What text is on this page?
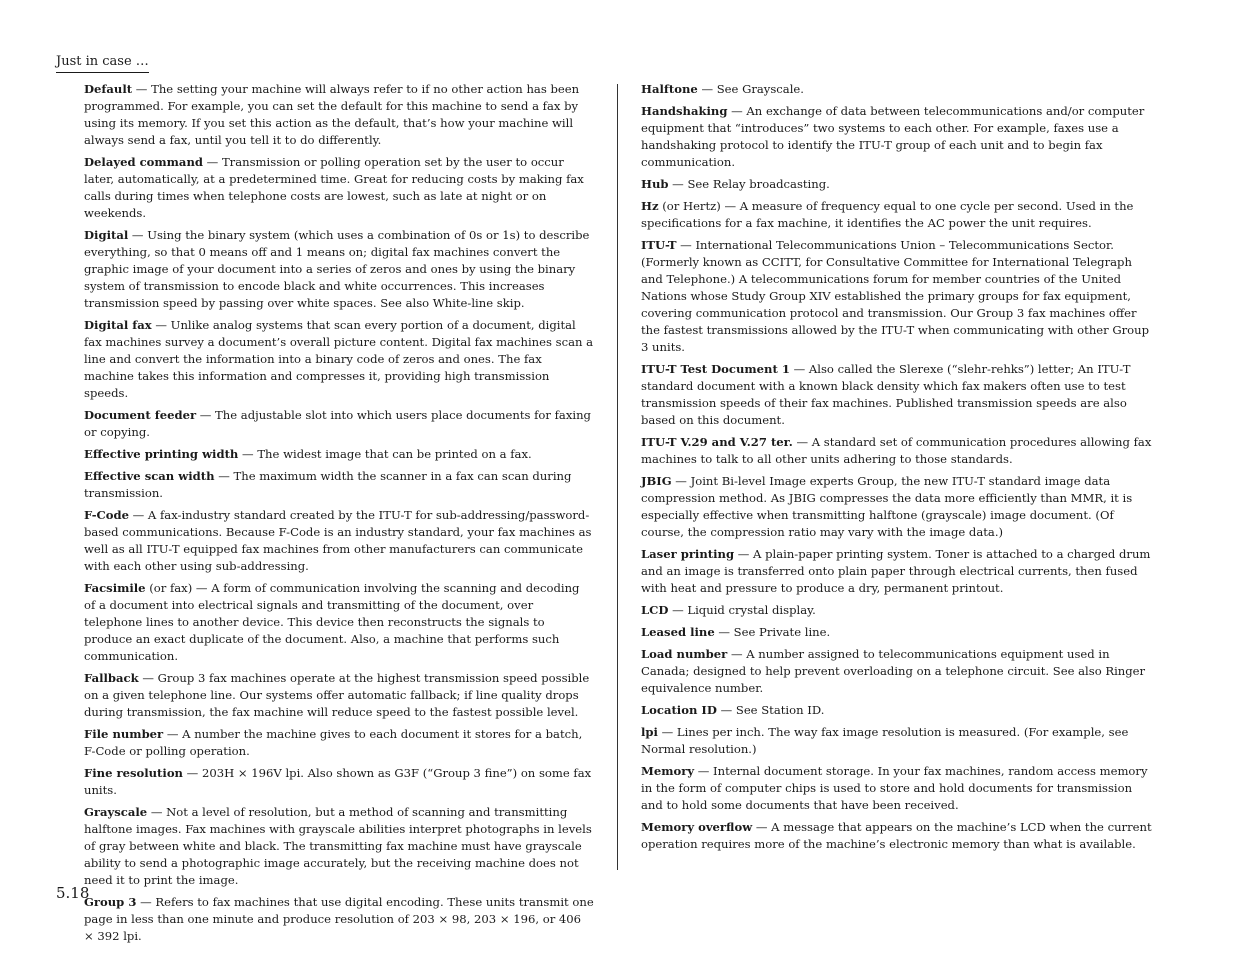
Just in case …

Default — The setting your machine will always refer to if no other action has been programmed. For example, you can set the default for this machine to send a fax by using its memory. If you set this action as the default, that’s how your machine will always send a fax, until you tell it to do differently.

Delayed command — Transmission or polling operation set by the user to occur later, automatically, at a predetermined time. Great for reducing costs by making fax calls during times when telephone costs are lowest, such as late at night or on weekends.

Digital — Using the binary system (which uses a combination of 0s or 1s) to describe everything, so that 0 means off and 1 means on; digital fax machines convert the graphic image of your document into a series of zeros and ones by using the binary system of transmission to encode black and white occurrences. This increases transmission speed by passing over white spaces. See also White-line skip.

Digital fax — Unlike analog systems that scan every portion of a document, digital fax machines survey a document’s overall picture content. Digital fax machines scan a line and convert the information into a binary code of zeros and ones. The fax machine takes this information and compresses it, providing high transmission speeds.

Document feeder — The adjustable slot into which users place documents for faxing or copying.

Effective printing width — The widest image that can be printed on a fax.

Effective scan width — The maximum width the scanner in a fax can scan during transmission.

F-Code — A fax-industry standard created by the ITU-T for sub-addressing/password-based communications. Because F-Code is an industry standard, your fax machines as well as all ITU-T equipped fax machines from other manufacturers can communicate with each other using sub-addressing.

Facsimile (or fax) — A form of communication involving the scanning and decoding of a document into electrical signals and transmitting of the document, over telephone lines to another device. This device then reconstructs the signals to produce an exact duplicate of the document. Also, a machine that performs such communication.

Fallback — Group 3 fax machines operate at the highest transmission speed possible on a given telephone line. Our systems offer automatic fallback; if line quality drops during transmission, the fax machine will reduce speed to the fastest possible level.

File number — A number the machine gives to each document it stores for a batch, F-Code or polling operation.

Fine resolution — 203H × 196V lpi. Also shown as G3F (“Group 3 fine”) on some fax units.

Grayscale — Not a level of resolution, but a method of scanning and transmitting halftone images. Fax machines with grayscale abilities interpret photographs in levels of gray between white and black. The transmitting fax machine must have grayscale ability to send a photographic image accurately, but the receiving machine does not need it to print the image.

Group 3 — Refers to fax machines that use digital encoding. These units transmit one page in less than one minute and produce resolution of 203 × 98, 203 × 196, or 406 × 392 lpi.

Halftone — See Grayscale.

Handshaking — An exchange of data between telecommunications and/or computer equipment that “introduces” two systems to each other. For example, faxes use a handshaking protocol to identify the ITU-T group of each unit and to begin fax communication.

Hub — See Relay broadcasting.

Hz (or Hertz) — A measure of frequency equal to one cycle per second. Used in the specifications for a fax machine, it identifies the AC power the unit requires.

ITU-T — International Telecommunications Union – Telecommunications Sector. (Formerly known as CCITT, for Consultative Committee for International Telegraph and Telephone.) A telecommunications forum for member countries of the United Nations whose Study Group XIV established the primary groups for fax equipment, covering communication protocol and transmission. Our Group 3 fax machines offer the fastest transmissions allowed by the ITU-T when communicating with other Group 3 units.

ITU-T Test Document 1 — Also called the Slerexe (“slehr-rehks”) letter; An ITU-T standard document with a known black density which fax makers often use to test transmission speeds of their fax machines. Published transmission speeds are also based on this document.

ITU-T V.29 and V.27 ter. — A standard set of communication procedures allowing fax machines to talk to all other units adhering to those standards.

JBIG — Joint Bi-level Image experts Group, the new ITU-T standard image data compression method. As JBIG compresses the data more efficiently than MMR, it is especially effective when transmitting halftone (grayscale) image document. (Of course, the compression ratio may vary with the image data.)

Laser printing — A plain-paper printing system. Toner is attached to a charged drum and an image is transferred onto plain paper through electrical currents, then fused with heat and pressure to produce a dry, permanent printout.

LCD — Liquid crystal display.

Leased line — See Private line.

Load number — A number assigned to telecommunications equipment used in Canada; designed to help prevent overloading on a telephone circuit. See also Ringer equivalence number.

Location ID — See Station ID.

lpi — Lines per inch. The way fax image resolution is measured. (For example, see Normal resolution.)

Memory — Internal document storage. In your fax machines, random access memory in the form of computer chips is used to store and hold documents for transmission and to hold some documents that have been received.

Memory overflow — A message that appears on the machine’s LCD when the current operation requires more of the machine’s electronic memory than what is available.

5.18
